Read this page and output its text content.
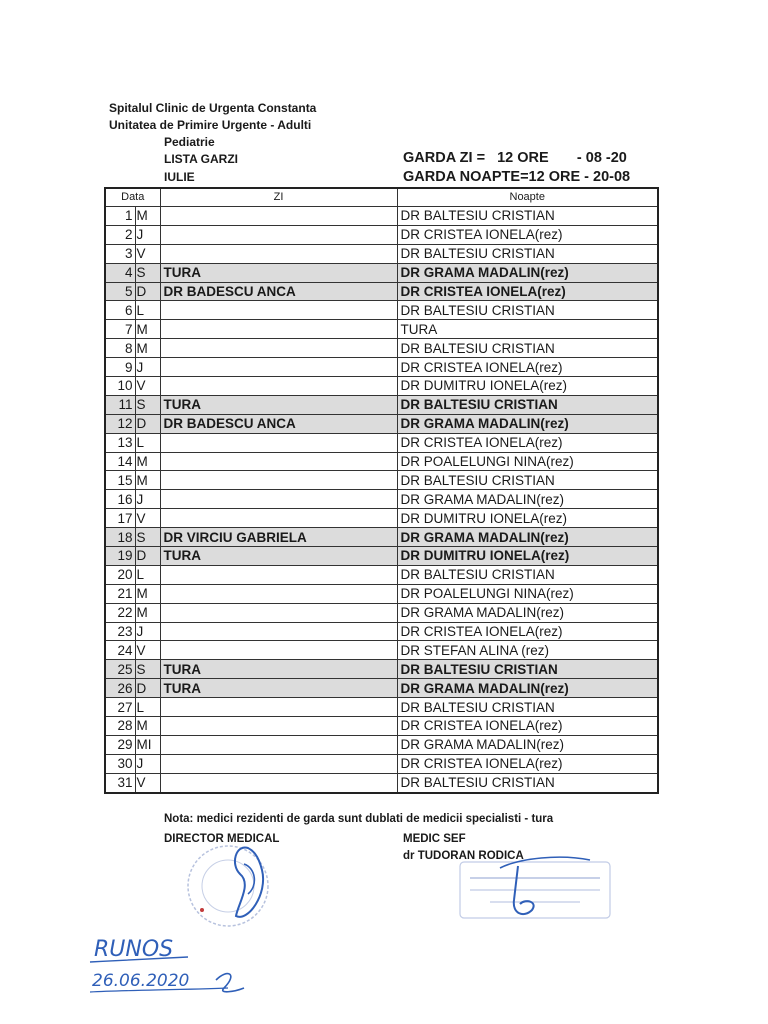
Spitalul Clinic de Urgenta Constanta
Unitatea de Primire Urgente - Adulti
Pediatrie
LISTA GARZI
IULIE
GARDA ZI =   12 ORE       - 08 -20
GARDA NOAPTE=12 ORE - 20-08
Data		ZI	Noapte
1	M		DR BALTESIU CRISTIAN
2	J		DR CRISTEA IONELA(rez)
3	V		DR BALTESIU CRISTIAN
4	S	TURA	DR GRAMA MADALIN(rez)
5	D	DR BADESCU ANCA	DR CRISTEA IONELA(rez)
6	L		DR BALTESIU CRISTIAN
7	M		TURA
8	M		DR BALTESIU CRISTIAN
9	J		DR CRISTEA IONELA(rez)
10	V		DR DUMITRU IONELA(rez)
11	S	TURA	DR BALTESIU CRISTIAN
12	D	DR BADESCU ANCA	DR GRAMA MADALIN(rez)
13	L		DR CRISTEA IONELA(rez)
14	M		DR POALELUNGI NINA(rez)
15	M		DR BALTESIU CRISTIAN
16	J		DR GRAMA MADALIN(rez)
17	V		DR DUMITRU IONELA(rez)
18	S	DR VIRCIU GABRIELA	DR GRAMA MADALIN(rez)
19	D	TURA	DR DUMITRU IONELA(rez)
20	L		DR BALTESIU CRISTIAN
21	M		DR POALELUNGI NINA(rez)
22	M		DR GRAMA MADALIN(rez)
23	J		DR CRISTEA IONELA(rez)
24	V		DR STEFAN ALINA (rez)
25	S	TURA	DR BALTESIU CRISTIAN
26	D	TURA	DR GRAMA MADALIN(rez)
27	L		DR BALTESIU CRISTIAN
28	M		DR CRISTEA IONELA(rez)
29	MI		DR GRAMA MADALIN(rez)
30	J		DR CRISTEA IONELA(rez)
31	V		DR BALTESIU CRISTIAN
Nota: medici rezidenti de garda sunt dublati de medicii specialisti - tura
DIRECTOR MEDICAL	MEDIC SEF
dr TUDORAN RODICA
RUNOS
26.06.2020
